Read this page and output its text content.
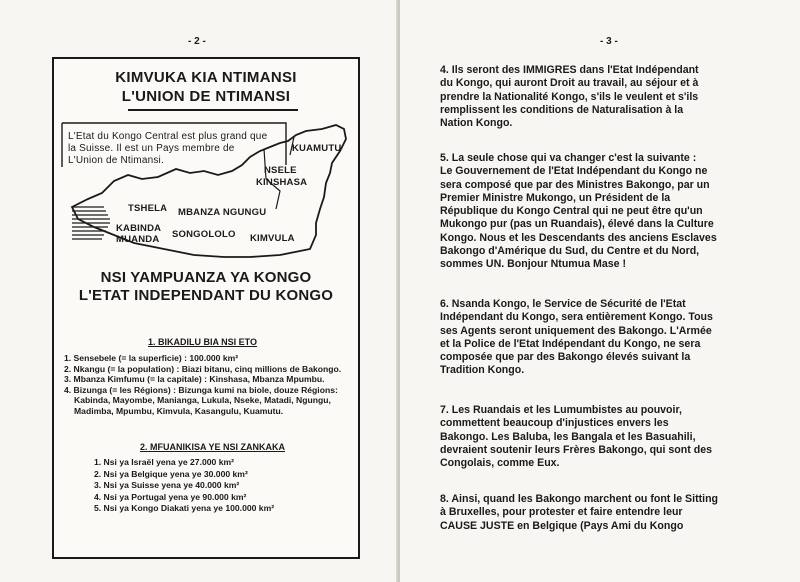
- 2 -
KIMVUKA KIA NTIMANSI
L'UNION DE NTIMANSI
L'Etat du Kongo Central est plus grand que la Suisse. Il est un Pays membre de L'Union de Ntimansi.
KUAMUTU
NSELE
KINSHASA
TSHELA MBANZA NGUNGU
KABINDA
MUANDA SONGOLOLO KIMVULA
NSI YAMPUANZA YA KONGO
L'ETAT INDEPENDANT DU KONGO
1. BIKADILU BIA NSI ETO
1. Sensebele (= la superficie) : 100.000 km²
2. Nkangu (= la population) : Biazi bitanu, cinq millions de Bakongo.
3. Mbanza Kimfumu (= la capitale) : Kinshasa, Mbanza Mpumbu.
4. Bizunga (= les Régions) : Bizunga kumi na biole, douze Régions:
Kabinda, Mayombe, Manianga, Lukula, Nseke, Matadi, Ngungu,
Madimba, Mpumbu, Kimvula, Kasangulu, Kuamutu.
2. MFUANIKISA YE NSI ZANKAKA
1. Nsi ya Israël yena ye 27.000 km²
2. Nsi ya Belgique yena ye 30.000 km²
3. Nsi ya Suisse yena ye 40.000 km²
4. Nsi ya Portugal yena ye 90.000 km²
5. Nsi ya Kongo Diakati yena ye 100.000 km²
- 3 -
4. Ils seront des IMMIGRES dans l'Etat Indépendant
du Kongo, qui auront Droit au travail, au séjour et à
prendre la Nationalité Kongo, s'ils le veulent et s'ils
remplissent les conditions de Naturalisation à la
Nation Kongo.
5. La seule chose qui va changer c'est la suivante :
Le Gouvernement de l'Etat Indépendant du Kongo ne
sera composé que par des Ministres Bakongo, par un
Premier Ministre Mukongo, un Président de la
République du Kongo Central qui ne peut être qu'un
Mukongo pur (pas un Ruandais), élevé dans la Culture
Kongo. Nous et les Descendants des anciens Esclaves
Bakongo d'Amérique du Sud, du Centre et du Nord,
sommes UN. Bonjour Ntumua Mase !
6. Nsanda Kongo, le Service de Sécurité de l'Etat
Indépendant du Kongo, sera entièrement Kongo. Tous
ses Agents seront uniquement des Bakongo. L'Armée
et la Police de l'Etat Indépendant du Kongo, ne sera
composée que par des Bakongo élevés suivant la
Tradition Kongo.
7. Les Ruandais et les Lumumbistes au pouvoir,
commettent beaucoup d'injustices envers les
Bakongo. Les Baluba, les Bangala et les Basuahili,
devraient soutenir leurs Frères Bakongo, qui sont des
Congolais, comme Eux.
8. Ainsi, quand les Bakongo marchent ou font le Sitting
à Bruxelles, pour protester et faire entendre leur
CAUSE JUSTE en Belgique (Pays Ami du Kongo
